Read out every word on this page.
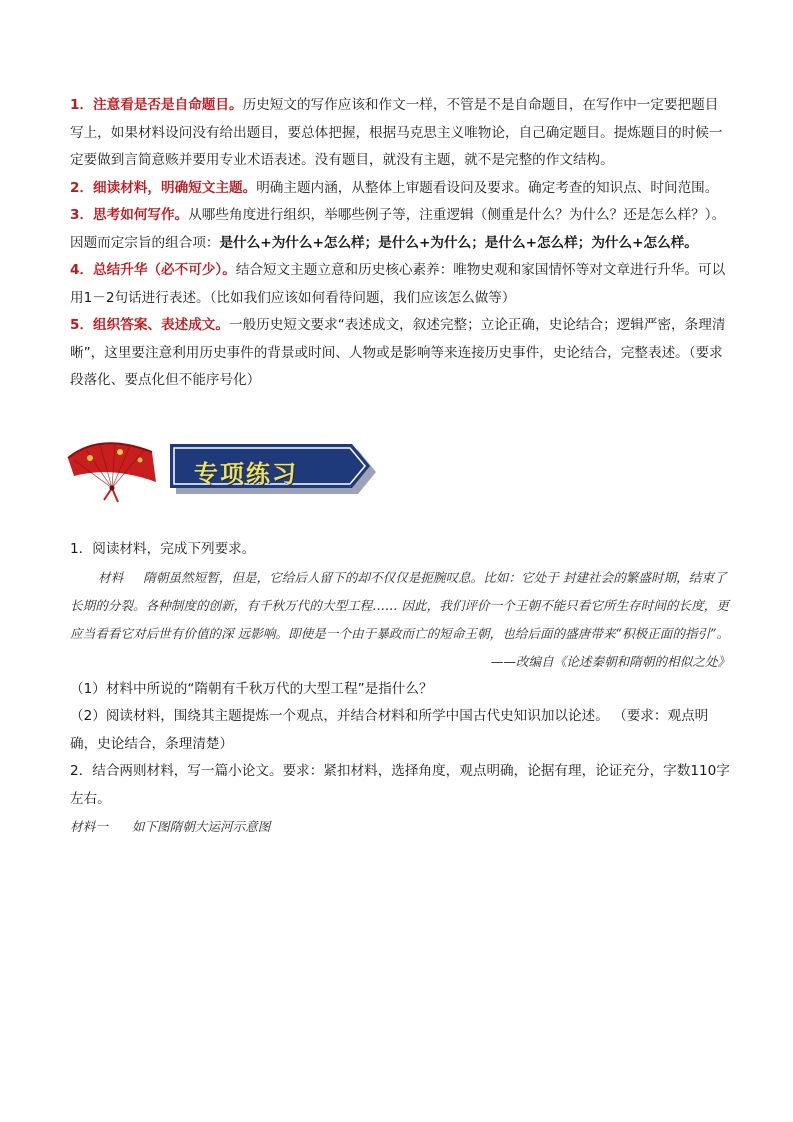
1．注意看是否是自命题目。历史短文的写作应该和作文一样，不管是不是自命题目，在写作中一定要把题目写上，如果材料设问没有给出题目，要总体把握，根据马克思主义唯物论，自己确定题目。提炼题目的时候一定要做到言简意赅并要用专业术语表述。没有题目，就没有主题，就不是完整的作文结构。

2．细读材料，明确短文主题。明确主题内涵，从整体上审题看设问及要求。确定考查的知识点、时间范围。

3．思考如何写作。从哪些角度进行组织，举哪些例子等，注重逻辑（侧重是什么？为什么？还是怎么样？）。因题而定宗旨的组合项：是什么+为什么+怎么样；是什么+为什么；是什么+怎么样；为什么+怎么样。

4．总结升华（必不可少）。结合短文主题立意和历史核心素养：唯物史观和家国情怀等对文章进行升华。可以用1－2句话进行表述。（比如我们应该如何看待问题，我们应该怎么做等）

5．组织答案、表述成文。一般历史短文要求“表述成文，叙述完整；立论正确，史论结合；逻辑严密，条理清晰”，这里要注意利用历史事件的背景或时间、人物或是影响等来连接历史事件，史论结合，完整表述。（要求段落化、要点化但不能序号化）

专项练习

1．阅读材料，完成下列要求。

材料 隋朝虽然短暂，但是，它给后人留下的却不仅仅是扼腕叹息。比如：它处于 封建社会的繁盛时期，结束了长期的分裂。各种制度的创新，有千秋万代的大型工程…… 因此，我们评价一个王朝不能只看它所生存时间的长度，更应当看看它对后世有价值的深 远影响。即使是一个由于暴政而亡的短命王朝，也给后面的盛唐带来“积极正面的指引”。

——改编自《论述秦朝和隋朝的相似之处》

（1）材料中所说的“隋朝有千秋万代的大型工程”是指什么？

（2）阅读材料，围绕其主题提炼一个观点，并结合材料和所学中国古代史知识加以论述。 （要求：观点明确，史论结合，条理清楚）

2．结合两则材料，写一篇小论文。要求：紧扣材料，选择角度，观点明确，论据有理，论证充分，字数110字左右。

材料一 如下图隋朝大运河示意图
